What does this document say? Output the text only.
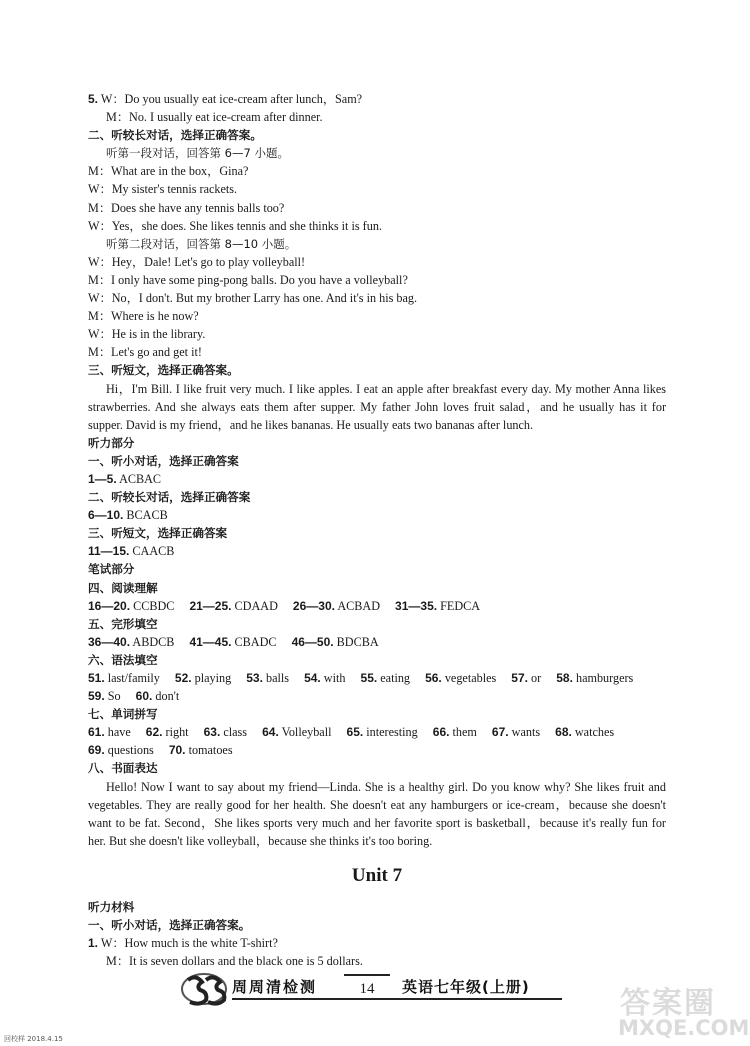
5. W：Do you usually eat ice-cream after lunch，Sam?
M：No. I usually eat ice-cream after dinner.
二、听较长对话，选择正确答案。
听第一段对话，回答第 6—7 小题。
M：What are in the box，Gina?
W：My sister's tennis rackets.
M：Does she have any tennis balls too?
W：Yes，she does. She likes tennis and she thinks it is fun.
听第二段对话，回答第 8—10 小题。
W：Hey，Dale! Let's go to play volleyball!
M：I only have some ping-pong balls. Do you have a volleyball?
W：No，I don't. But my brother Larry has one. And it's in his bag.
M：Where is he now?
W：He is in the library.
M：Let's go and get it!
三、听短文，选择正确答案。
Hi，I'm Bill. I like fruit very much. I like apples. I eat an apple after breakfast every day. My mother Anna likes strawberries. And she always eats them after supper. My father John loves fruit salad，and he usually has it for supper. David is my friend，and he likes bananas. He usually eats two bananas after lunch.
听力部分
一、听小对话，选择正确答案
1—5. ACBAC
二、听较长对话，选择正确答案
6—10. BCACB
三、听短文，选择正确答案
11—15. CAACB
笔试部分
四、阅读理解
16—20. CCBDC 21—25. CDAAD 26—30. ACBAD 31—35. FEDCA
五、完形填空
36—40. ABDCB 41—45. CBADC 46—50. BDCBA
六、语法填空
51. last/family 52. playing 53. balls 54. with 55. eating 56. vegetables 57. or 58. hamburgers
59. So 60. don't
七、单词拼写
61. have 62. right 63. class 64. Volleyball 65. interesting 66. them 67. wants 68. watches
69. questions 70. tomatoes
八、书面表达
Hello! Now I want to say about my friend—Linda. She is a healthy girl. Do you know why? She likes fruit and vegetables. They are really good for her health. She doesn't eat any hamburgers or ice-cream，because she doesn't want to be fat. Second，She likes sports very much and her favorite sport is basketball，because it's really fun for her. But she doesn't like volleyball，because she thinks it's too boring.
Unit 7
听力材料
一、听小对话，选择正确答案。
1. W：How much is the white T-shirt?
M：It is seven dollars and the black one is 5 dollars.
周周清检测	14	英语七年级(上册)
回校样 2018.4.15
答案圈
MXQE.COM
